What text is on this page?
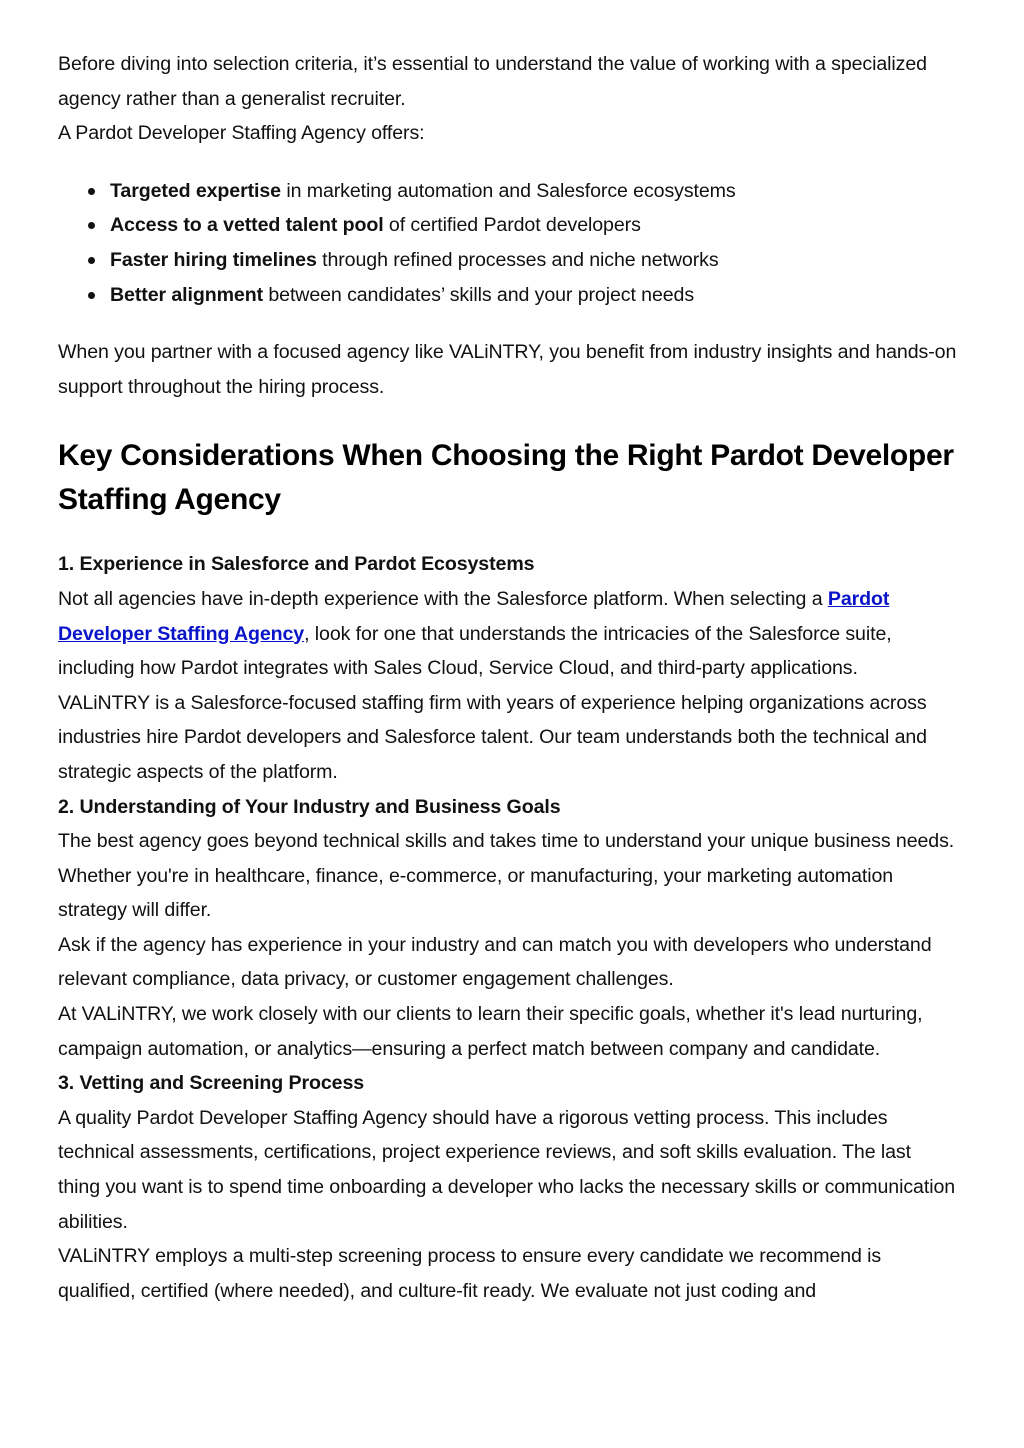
Before diving into selection criteria, it’s essential to understand the value of working with a specialized agency rather than a generalist recruiter.

A Pardot Developer Staffing Agency offers:

Targeted expertise in marketing automation and Salesforce ecosystems
Access to a vetted talent pool of certified Pardot developers
Faster hiring timelines through refined processes and niche networks
Better alignment between candidates’ skills and your project needs

When you partner with a focused agency like VALiNTRY, you benefit from industry insights and hands-on support throughout the hiring process.

Key Considerations When Choosing the Right Pardot Developer Staffing Agency
1. Experience in Salesforce and Pardot Ecosystems

Not all agencies have in-depth experience with the Salesforce platform. When selecting a Pardot Developer Staffing Agency, look for one that understands the intricacies of the Salesforce suite, including how Pardot integrates with Sales Cloud, Service Cloud, and third-party applications.

VALiNTRY is a Salesforce-focused staffing firm with years of experience helping organizations across industries hire Pardot developers and Salesforce talent. Our team understands both the technical and strategic aspects of the platform.

2. Understanding of Your Industry and Business Goals

The best agency goes beyond technical skills and takes time to understand your unique business needs. Whether you're in healthcare, finance, e-commerce, or manufacturing, your marketing automation strategy will differ.

Ask if the agency has experience in your industry and can match you with developers who understand relevant compliance, data privacy, or customer engagement challenges.

At VALiNTRY, we work closely with our clients to learn their specific goals, whether it's lead nurturing, campaign automation, or analytics—ensuring a perfect match between company and candidate.

3. Vetting and Screening Process

A quality Pardot Developer Staffing Agency should have a rigorous vetting process. This includes technical assessments, certifications, project experience reviews, and soft skills evaluation. The last thing you want is to spend time onboarding a developer who lacks the necessary skills or communication abilities.

VALiNTRY employs a multi-step screening process to ensure every candidate we recommend is qualified, certified (where needed), and culture-fit ready. We evaluate not just coding and
